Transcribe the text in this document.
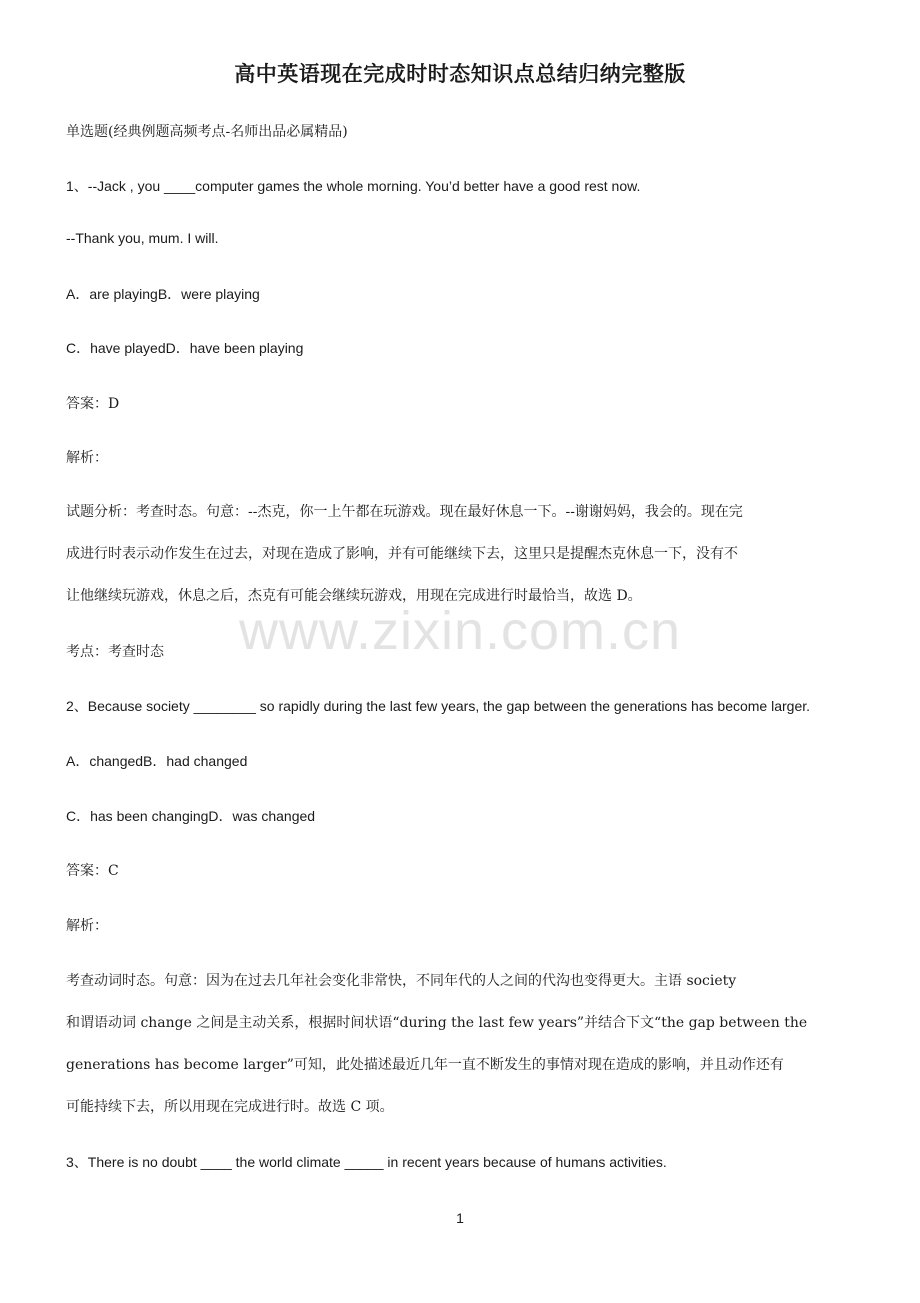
高中英语现在完成时时态知识点总结归纳完整版
单选题(经典例题高频考点-名师出品必属精品)
1、--Jack , you ____computer games the whole morning. You’d better have a good rest now.
--Thank you, mum. I will.
A．are playingB．were playing
C．have playedD．have been playing
答案：D
解析：
试题分析：考查时态。句意：--杰克，你一上午都在玩游戏。现在最好休息一下。--谢谢妈妈，我会的。现在完
成进行时表示动作发生在过去，对现在造成了影响，并有可能继续下去，这里只是提醒杰克休息一下，没有不
让他继续玩游戏，休息之后，杰克有可能会继续玩游戏，用现在完成进行时最恰当，故选 D。
www.zixin.com.cn
考点：考查时态
2、Because society ________ so rapidly during the last few years, the gap between the generations has become larger.
A．changedB．had changed
C．has been changingD．was changed
答案：C
解析：
考查动词时态。句意：因为在过去几年社会变化非常快，不同年代的人之间的代沟也变得更大。主语 society
和谓语动词 change 之间是主动关系，根据时间状语“during the last few years”并结合下文“the gap between the
generations has become larger”可知，此处描述最近几年一直不断发生的事情对现在造成的影响，并且动作还有
可能持续下去，所以用现在完成进行时。故选 C 项。
3、There is no doubt ____ the world climate _____ in recent years because of humans activities.
1
